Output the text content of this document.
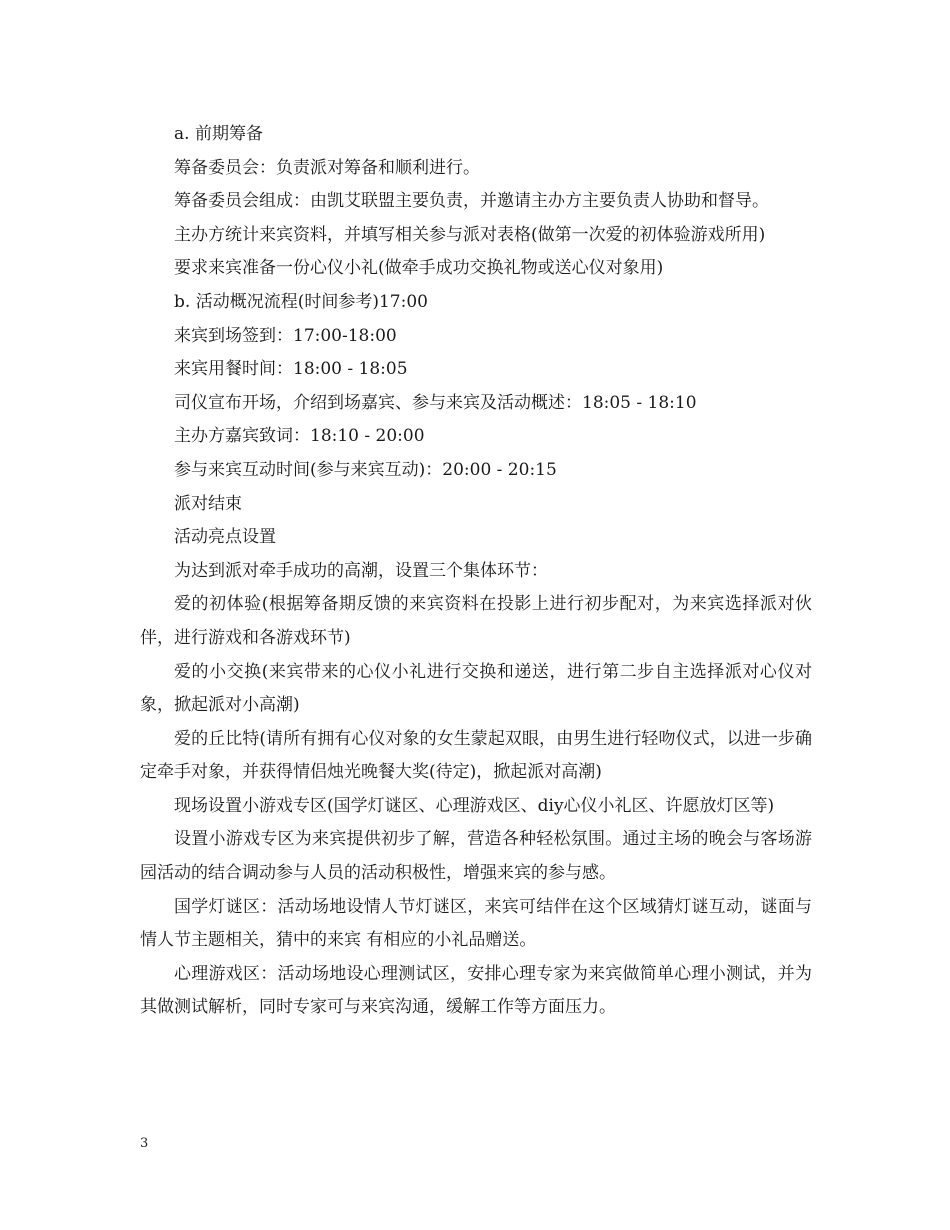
a. 前期筹备

筹备委员会：负责派对筹备和顺利进行。

筹备委员会组成：由凯艾联盟主要负责，并邀请主办方主要负责人协助和督导。

主办方统计来宾资料，并填写相关参与派对表格(做第一次爱的初体验游戏所用)

要求来宾准备一份心仪小礼(做牵手成功交换礼物或送心仪对象用)

b. 活动概况流程(时间参考)17:00

来宾到场签到：17:00-18:00

来宾用餐时间：18:00 - 18:05

司仪宣布开场，介绍到场嘉宾、参与来宾及活动概述：18:05 - 18:10

主办方嘉宾致词：18:10 - 20:00

参与来宾互动时间(参与来宾互动)：20:00 - 20:15

派对结束

活动亮点设置

为达到派对牵手成功的高潮，设置三个集体环节：

爱的初体验(根据筹备期反馈的来宾资料在投影上进行初步配对，为来宾选择派对伙伴，进行游戏和各游戏环节)

爱的小交换(来宾带来的心仪小礼进行交换和递送，进行第二步自主选择派对心仪对象，掀起派对小高潮)

爱的丘比特(请所有拥有心仪对象的女生蒙起双眼，由男生进行轻吻仪式，以进一步确定牵手对象，并获得情侣烛光晚餐大奖(待定)，掀起派对高潮)

现场设置小游戏专区(国学灯谜区、心理游戏区、diy心仪小礼区、许愿放灯区等)

设置小游戏专区为来宾提供初步了解，营造各种轻松氛围。通过主场的晚会与客场游园活动的结合调动参与人员的活动积极性，增强来宾的参与感。

国学灯谜区：活动场地设情人节灯谜区，来宾可结伴在这个区域猜灯谜互动，谜面与情人节主题相关，猜中的来宾 有相应的小礼品赠送。

心理游戏区：活动场地设心理测试区，安排心理专家为来宾做简单心理小测试，并为其做测试解析，同时专家可与来宾沟通，缓解工作等方面压力。

3
